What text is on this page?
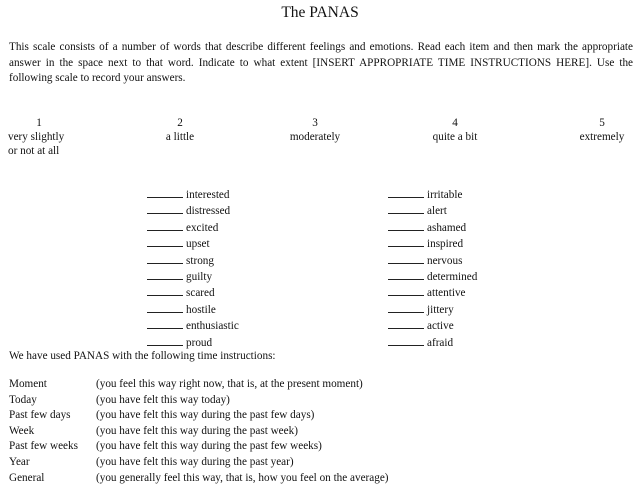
The PANAS
This scale consists of a number of words that describe different feelings and emotions. Read each item and then mark the appropriate answer in the space next to that word. Indicate to what extent [INSERT APPROPRIATE TIME INSTRUCTIONS HERE]. Use the following scale to record your answers.
1
very slightly
or not at all
2
a little
3
moderately
4
quite a bit
5
extremely
interested
distressed
excited
upset
strong
guilty
scared
hostile
enthusiastic
proud
irritable
alert
ashamed
inspired
nervous
determined
attentive
jittery
active
afraid
We have used PANAS with the following time instructions:
Moment	(you feel this way right now, that is, at the present moment)
Today	(you have felt this way today)
Past few days	(you have felt this way during the past few days)
Week	(you have felt this way during the past week)
Past few weeks	(you have felt this way during the past few weeks)
Year	(you have felt this way during the past year)
General	(you generally feel this way, that is, how you feel on the average)
